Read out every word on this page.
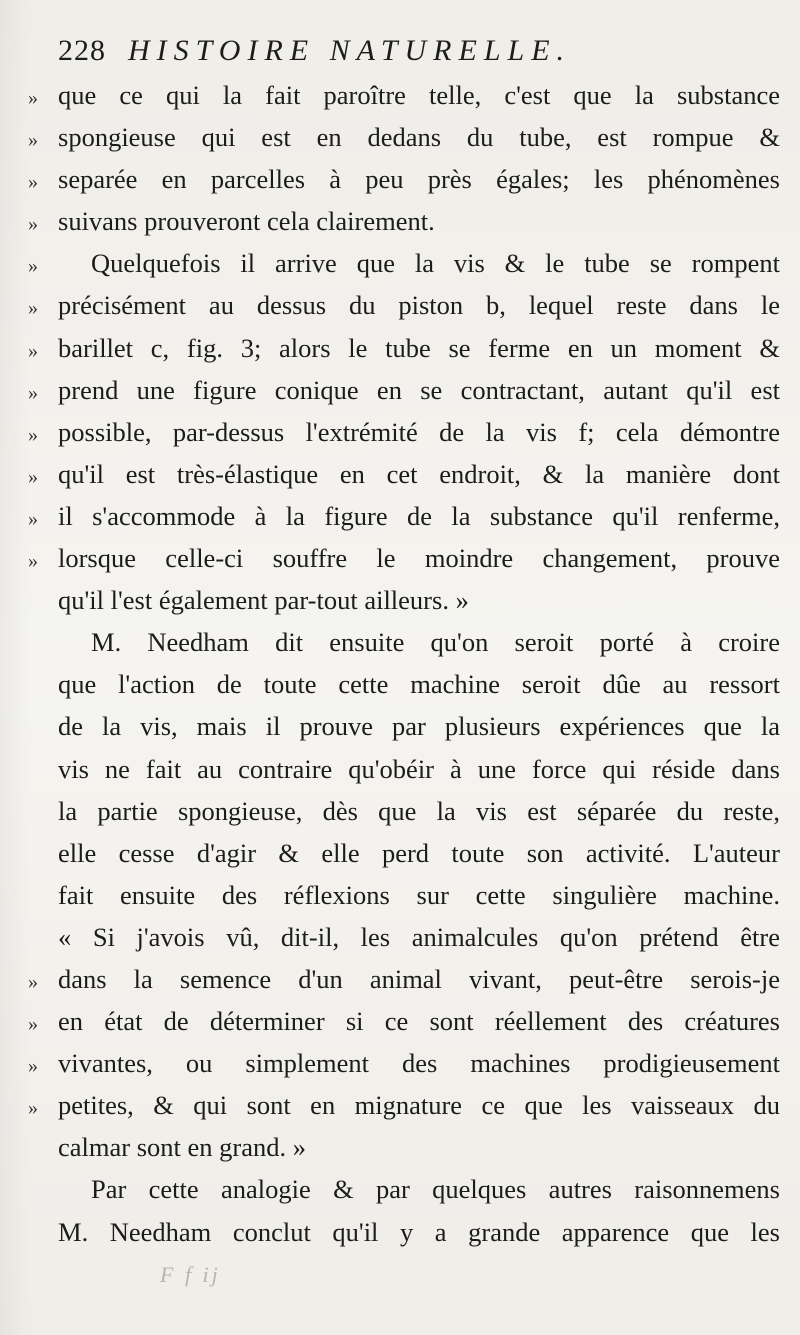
228 HISTOIRE NATURELLE.
» que ce qui la fait paroître telle, c'est que la substance
» spongieuse qui est en dedans du tube, est rompue &
» separée en parcelles à peu près égales; les phénomènes
» suivans prouveront cela clairement.
»	Quelquefois il arrive que la vis & le tube se rompent
» précisément au dessus du piston b, lequel reste dans le
» barillet c, fig. 3; alors le tube se ferme en un moment &
» prend une figure conique en se contractant, autant qu'il est
» possible, par-dessus l'extrémité de la vis f; cela démontre
» qu'il est très-élastique en cet endroit, & la manière dont
» il s'accommode à la figure de la substance qu'il renferme,
» lorsque celle-ci souffre le moindre changement, prouve
qu'il l'est également par-tout ailleurs. »
M. Needham dit ensuite qu'on seroit porté à croire
que l'action de toute cette machine seroit dûe au ressort
de la vis, mais il prouve par plusieurs expériences que la
vis ne fait au contraire qu'obéir à une force qui réside dans
la partie spongieuse, dès que la vis est séparée du reste,
elle cesse d'agir & elle perd toute son activité. L'auteur
fait ensuite des réflexions sur cette singulière machine.
« Si j'avois vû, dit-il, les animalcules qu'on prétend être
» dans la semence d'un animal vivant, peut-être serois-je
» en état de déterminer si ce sont réellement des créatures
» vivantes, ou simplement des machines prodigieusement
» petites, & qui sont en mignature ce que les vaisseaux du
calmar sont en grand. »
Par cette analogie & par quelques autres raisonnemens
M. Needham conclut qu'il y a grande apparence que les
F f ij
